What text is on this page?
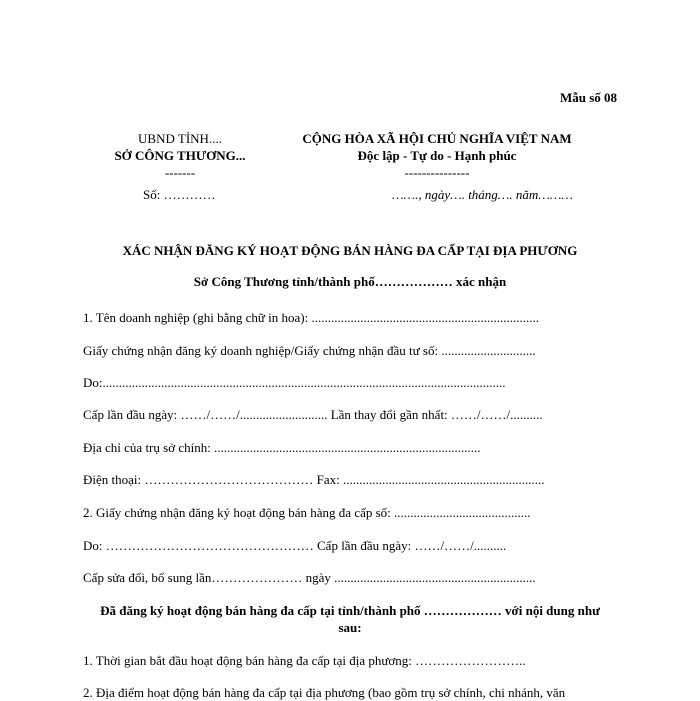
Mẫu số 08
UBND TỈNH....
SỞ CÔNG THƯƠNG...
-------
Số: …………
CỘNG HÒA XÃ HỘI CHỦ NGHĨA VIỆT NAM
Độc lập - Tự do - Hạnh phúc
---------------
……., ngày…. tháng…. năm………
XÁC NHẬN ĐĂNG KÝ HOẠT ĐỘNG BÁN HÀNG ĐA CẤP TẠI ĐỊA PHƯƠNG
Sở Công Thương tỉnh/thành phố……………… xác nhận
1. Tên doanh nghiệp (ghi bằng chữ in hoa): ......................................................................
Giấy chứng nhận đăng ký doanh nghiệp/Giấy chứng nhận đầu tư số: .............................
Do:............................................................................................................................
Cấp lần đầu ngày: ……/……/........................... Lần thay đổi gần nhất: ……/……/..........
Địa chỉ của trụ sở chính: ..................................................................................
Điện thoại: ………………………………… Fax: ..............................................................
2. Giấy chứng nhận đăng ký hoạt động bán hàng đa cấp số: ..........................................
Do: ………………………………………… Cấp lần đầu ngày: ……/……/..........
Cấp sửa đổi, bổ sung lần………………… ngày ..............................................................
Đã đăng ký hoạt động bán hàng đa cấp tại tỉnh/thành phố ……………… với nội dung như
sau:
1. Thời gian bắt đầu hoạt động bán hàng đa cấp tại địa phương: ……………………..
2. Địa điểm hoạt động bán hàng đa cấp tại địa phương (bao gồm trụ sở chính, chi nhánh, văn
